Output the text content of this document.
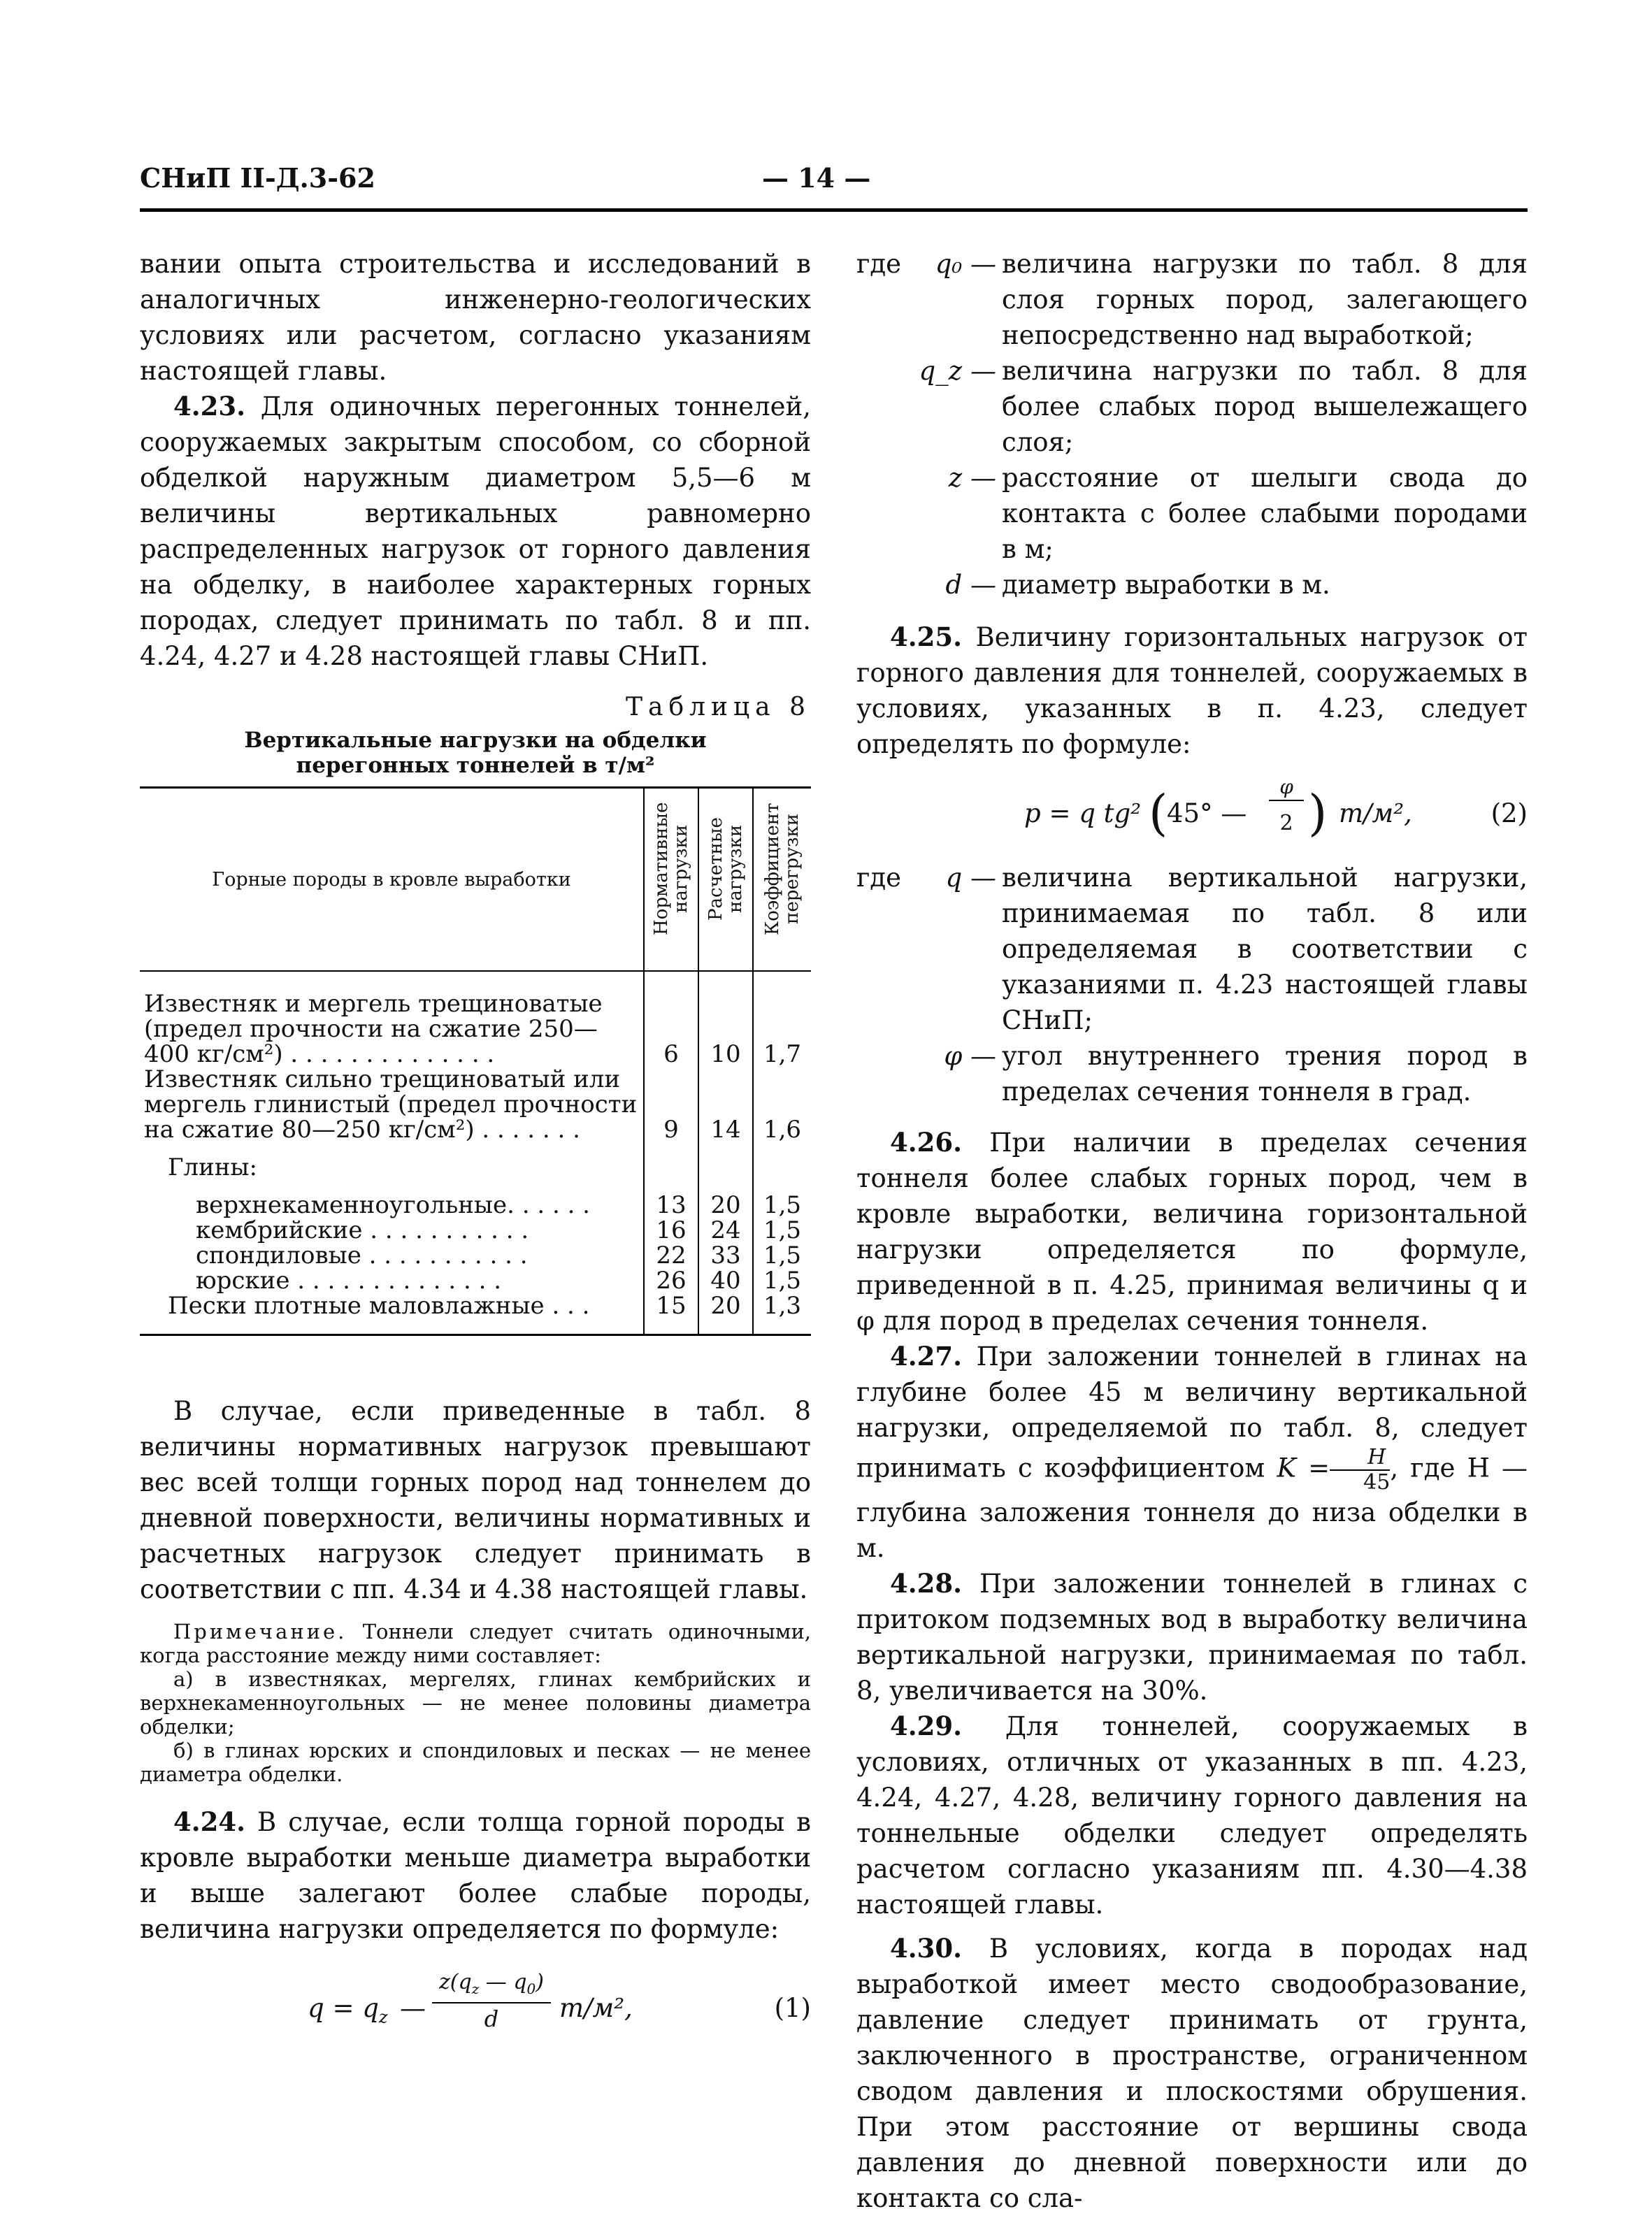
СНиП II-Д.3-62	— 14 —

вании опыта строительства и исследований в аналогичных инженерно-геологических условиях или расчетом, согласно указаниям настоящей главы.

4.23. Для одиночных перегонных тоннелей, сооружаемых закрытым способом, со сборной обделкой наружным диаметром 5,5—6 м величины вертикальных равномерно распределенных нагрузок от горного давления на обделку, в наиболее характерных горных породах, следует принимать по табл. 8 и пп. 4.24, 4.27 и 4.28 настоящей главы СНиП.

Таблица 8
Вертикальные нагрузки на обделки перегонных тоннелей в т/м²
Горные породы в кровле выработки	Нормативные нагрузки	Расчетные нагрузки	Коэффициент перегрузки
Известняк и мергель трещиноватые (предел прочности на сжатие 250—400 кг/см²) . . . . . . . . . . . . . .	6	10	1,7
Известняк сильно трещиноватый или мергель глинистый (предел прочности на сжатие 80—250 кг/см²) . . . . . . .	9	14	1,6
Глины:			
верхнекаменноугольные. . . . . .	13	20	1,5
кембрийские . . . . . . . . . . .	16	24	1,5
спондиловые . . . . . . . . . . .	22	33	1,5
юрские . . . . . . . . . . . . . .	26	40	1,5
Пески плотные маловлажные . . .	15	20	1,3

В случае, если приведенные в табл. 8 величины нормативных нагрузок превышают вес всей толщи горных пород над тоннелем до дневной поверхности, величины нормативных и расчетных нагрузок следует принимать в соответствии с пп. 4.34 и 4.38 настоящей главы.

Примечание. Тоннели следует считать одиночными, когда расстояние между ними составляет:

а) в известняках, мергелях, глинах кембрийских и верхнекаменноугольных — не менее половины диаметра обделки;

б) в глинах юрских и спондиловых и песках — не менее диаметра обделки.

4.24. В случае, если толща горной породы в кровле выработки меньше диаметра выработки и выше залегают более слабые породы, величина нагрузки определяется по формуле:

$q = q_z$ —
$z(q_z$ — $q_0$)
d	т/м²,	(1)
где q₀ — величина нагрузки по табл. 8 для слоя горных пород, залегающего непосредственно над выработкой;
q_z — величина нагрузки по табл. 8 для более слабых пород вышележащего слоя;
z — расстояние от шелыги свода до контакта с более слабыми породами в м;
d — диаметр выработки в м.

4.25. Величину горизонтальных нагрузок от горного давления для тоннелей, сооружаемых в условиях, указанных в п. 4.23, следует определять по формуле:

p = q tg² (
45° —
φ
2 ) т/м²,	(2)
где q — величина вертикальной нагрузки, принимаемая по табл. 8 или определяемая в соответствии с указаниями п. 4.23 настоящей главы СНиП;
φ — угол внутреннего трения пород в пределах сечения тоннеля в град.

4.26. При наличии в пределах сечения тоннеля более слабых горных пород, чем в кровле выработки, величина горизонтальной нагрузки определяется по формуле, приведенной в п. 4.25, принимая величины q и φ для пород в пределах сечения тоннеля.

4.27. При заложении тоннелей в глинах на глубине более 45 м величину вертикальной нагрузки, определяемой по табл. 8, следует принимать с коэффициентом $K = \frac{H}{45}$ , где H — глубина заложения тоннеля до низа обделки в м.

4.28. При заложении тоннелей в глинах с притоком подземных вод в выработку величина вертикальной нагрузки, принимаемая по табл. 8, увеличивается на 30%.

4.29. Для тоннелей, сооружаемых в условиях, отличных от указанных в пп. 4.23, 4.24, 4.27, 4.28, величину горного давления на тоннельные обделки следует определять расчетом согласно указаниям пп. 4.30—4.38 настоящей главы.

4.30. В условиях, когда в породах над выработкой имеет место сводообразование, давление следует принимать от грунта, заключенного в пространстве, ограниченном сводом давления и плоскостями обрушения. При этом расстояние от вершины свода давления до дневной поверхности или до контакта со сла-
